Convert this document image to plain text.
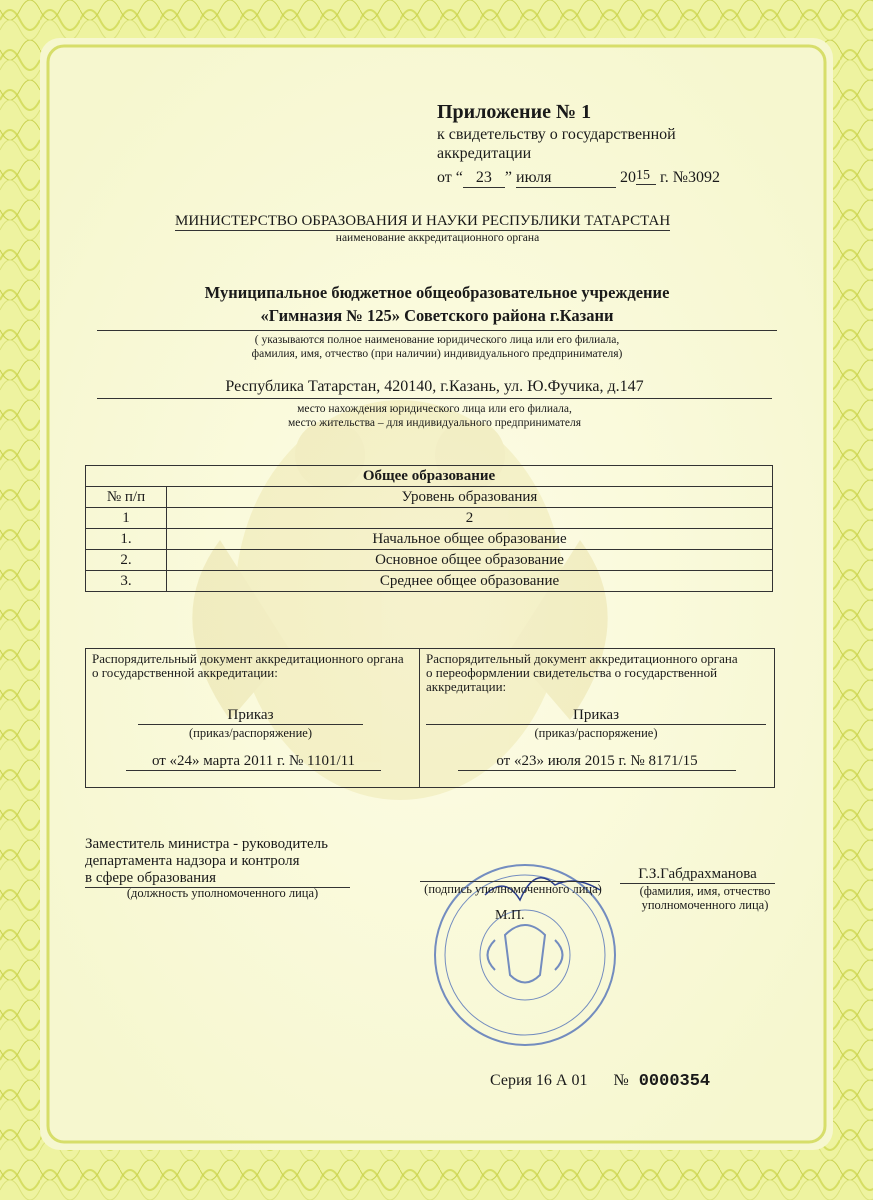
Приложение № 1
к свидетельству о государственной
аккредитации
от “ 23 ” июля	2015 г. №3092
МИНИСТЕРСТВО ОБРАЗОВАНИЯ И НАУКИ РЕСПУБЛИКИ ТАТАРСТАН
наименование аккредитационного органа
Муниципальное бюджетное общеобразовательное учреждение
«Гимназия № 125» Советского района г.Казани
( указываются полное наименование юридического лица или его филиала,
фамилия, имя, отчество (при наличии) индивидуального предпринимателя)
Республика Татарстан, 420140, г.Казань, ул. Ю.Фучика, д.147
место нахождения юридического лица или его филиала,
место жительства – для индивидуального предпринимателя
Общее образование	
№ п/п	Уровень образования
1	2
1.	Начальное общее образование
2.	Основное общее образование
3.	Среднее общее образование
Распорядительный документ аккредитационного органа о государственной аккредитации:
Приказ
(приказ/распоряжение)
от «24» марта 2011 г. № 1101/11
Распорядительный документ аккредитационного органа о переоформлении свидетельства о государственной аккредитации:
Приказ
(приказ/распоряжение)
от «23» июля 2015 г. № 8171/15
Заместитель министра - руководитель
департамента надзора и контроля
в сфере образования
(должность уполномоченного лица)	(подпись уполномоченного лица)
М.П.
Г.З.Габдрахманова
(фамилия, имя, отчество
уполномоченного лица)
Серия 16 А 01 № 0000354
